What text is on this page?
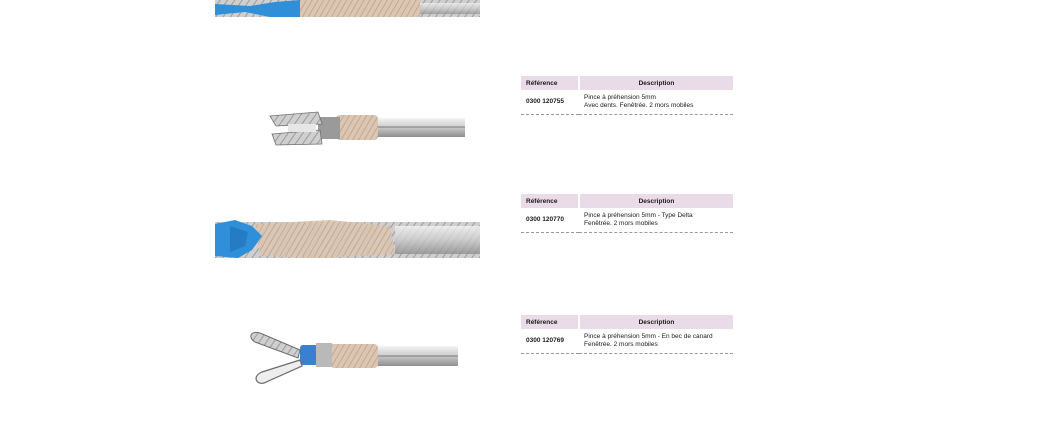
Référence	Description
0300 120755	Pince à préhension 5mm
Avec dents. Fenêtrée. 2 mors mobiles
Référence	Description
0300 120770	Pince à préhension 5mm - Type Delta
Fenêtrée. 2 mors mobiles
Référence	Description
0300 120769	Pince à préhension 5mm - En bec de canard
Fenêtrée. 2 mors mobiles
